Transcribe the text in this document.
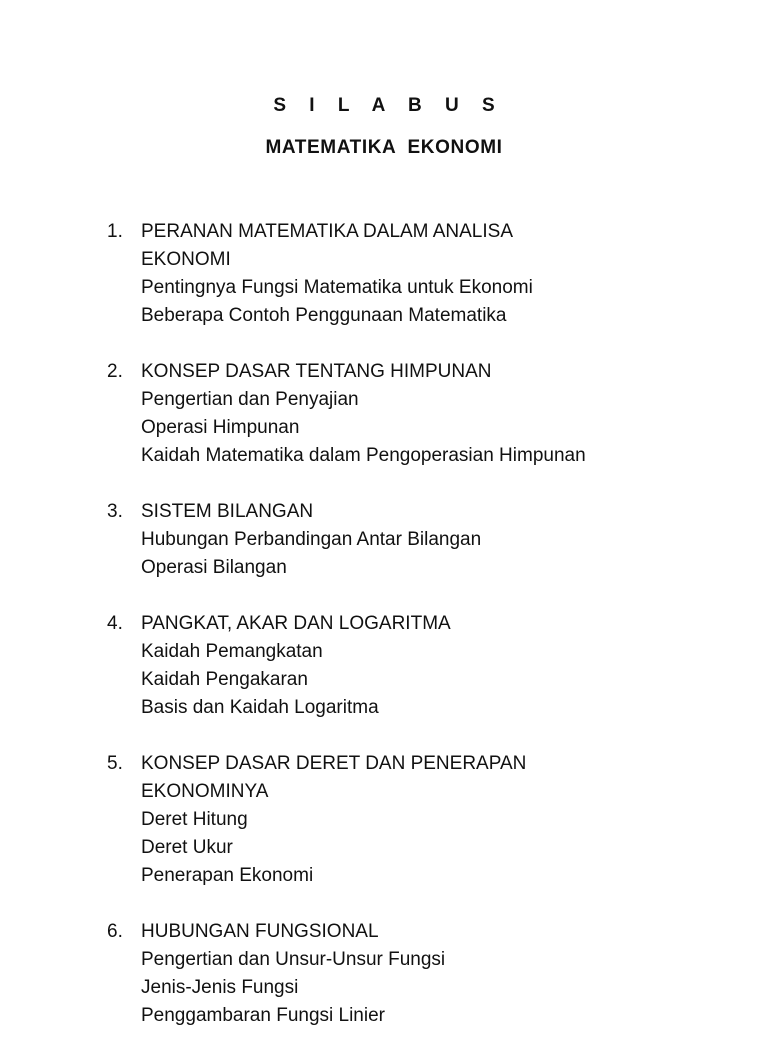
S I L A B U S
MATEMATIKA EKONOMI
1. PERANAN MATEMATIKA DALAM ANALISA EKONOMI
Pentingnya Fungsi Matematika untuk Ekonomi
Beberapa Contoh Penggunaan Matematika
2. KONSEP DASAR TENTANG HIMPUNAN
Pengertian dan Penyajian
Operasi Himpunan
Kaidah Matematika dalam Pengoperasian Himpunan
3. SISTEM BILANGAN
Hubungan Perbandingan Antar Bilangan
Operasi Bilangan
4. PANGKAT, AKAR DAN LOGARITMA
Kaidah Pemangkatan
Kaidah Pengakaran
Basis dan Kaidah Logaritma
5. KONSEP DASAR DERET DAN PENERAPAN EKONOMINYA
Deret Hitung
Deret Ukur
Penerapan Ekonomi
6. HUBUNGAN FUNGSIONAL
Pengertian dan Unsur-Unsur Fungsi
Jenis-Jenis Fungsi
Penggambaran Fungsi Linier
